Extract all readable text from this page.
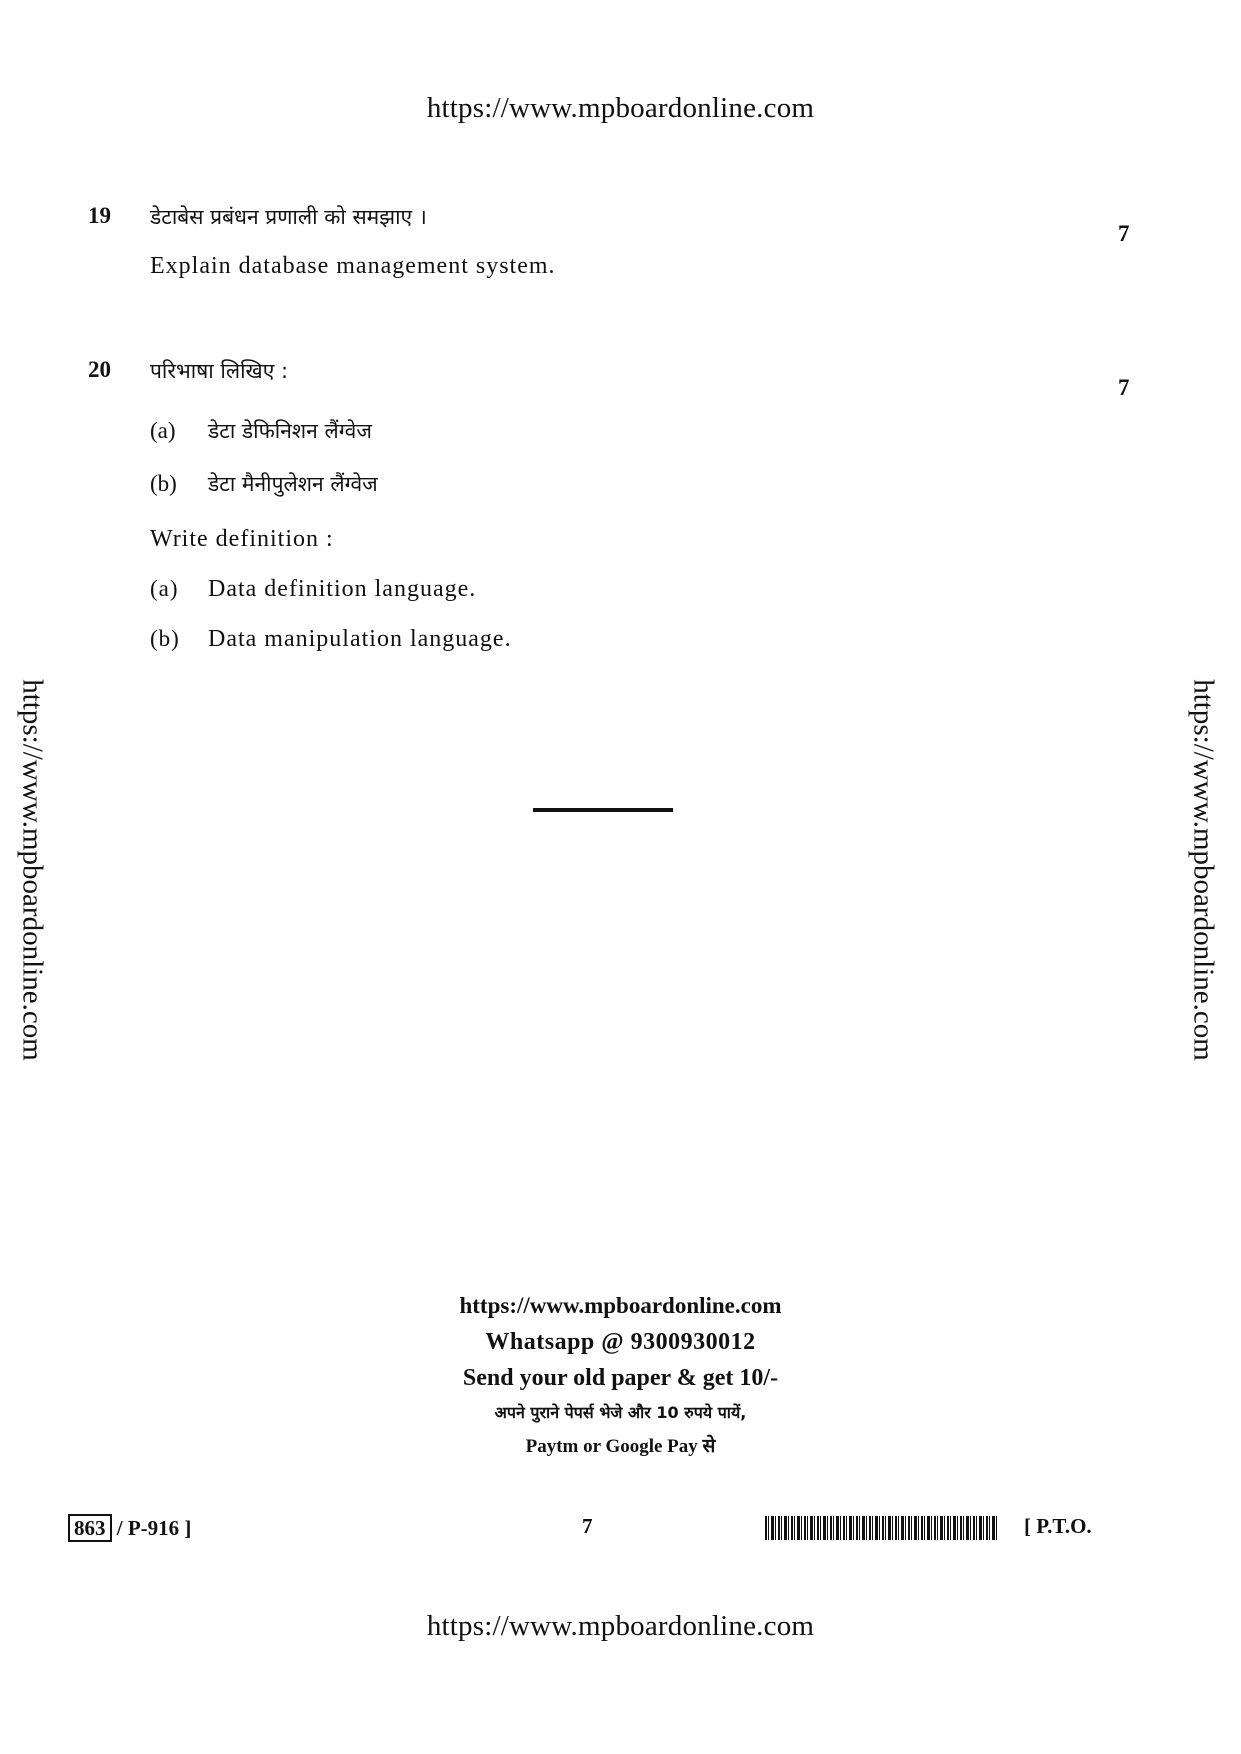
https://www.mpboardonline.com
https://www.mpboardonline.com	https://www.mpboardonline.com
19
7
डेटाबेस प्रबंधन प्रणाली को समझाए ।
Explain database management system.
20
7
परिभाषा लिखिए :
(a) डेटा डेफिनिशन लैंग्वेज
(b) डेटा मैनीपुलेशन लैंग्वेज
Write definition :
(a) Data definition language.
(b) Data manipulation language.
https://www.mpboardonline.com
Whatsapp @ 9300930012
Send your old paper & get 10/-
अपने पुराने पेपर्स भेजे और 10 रुपये पायें,
Paytm or Google Pay से
863 / P-916 ]	7	[ P.T.O.
https://www.mpboardonline.com
